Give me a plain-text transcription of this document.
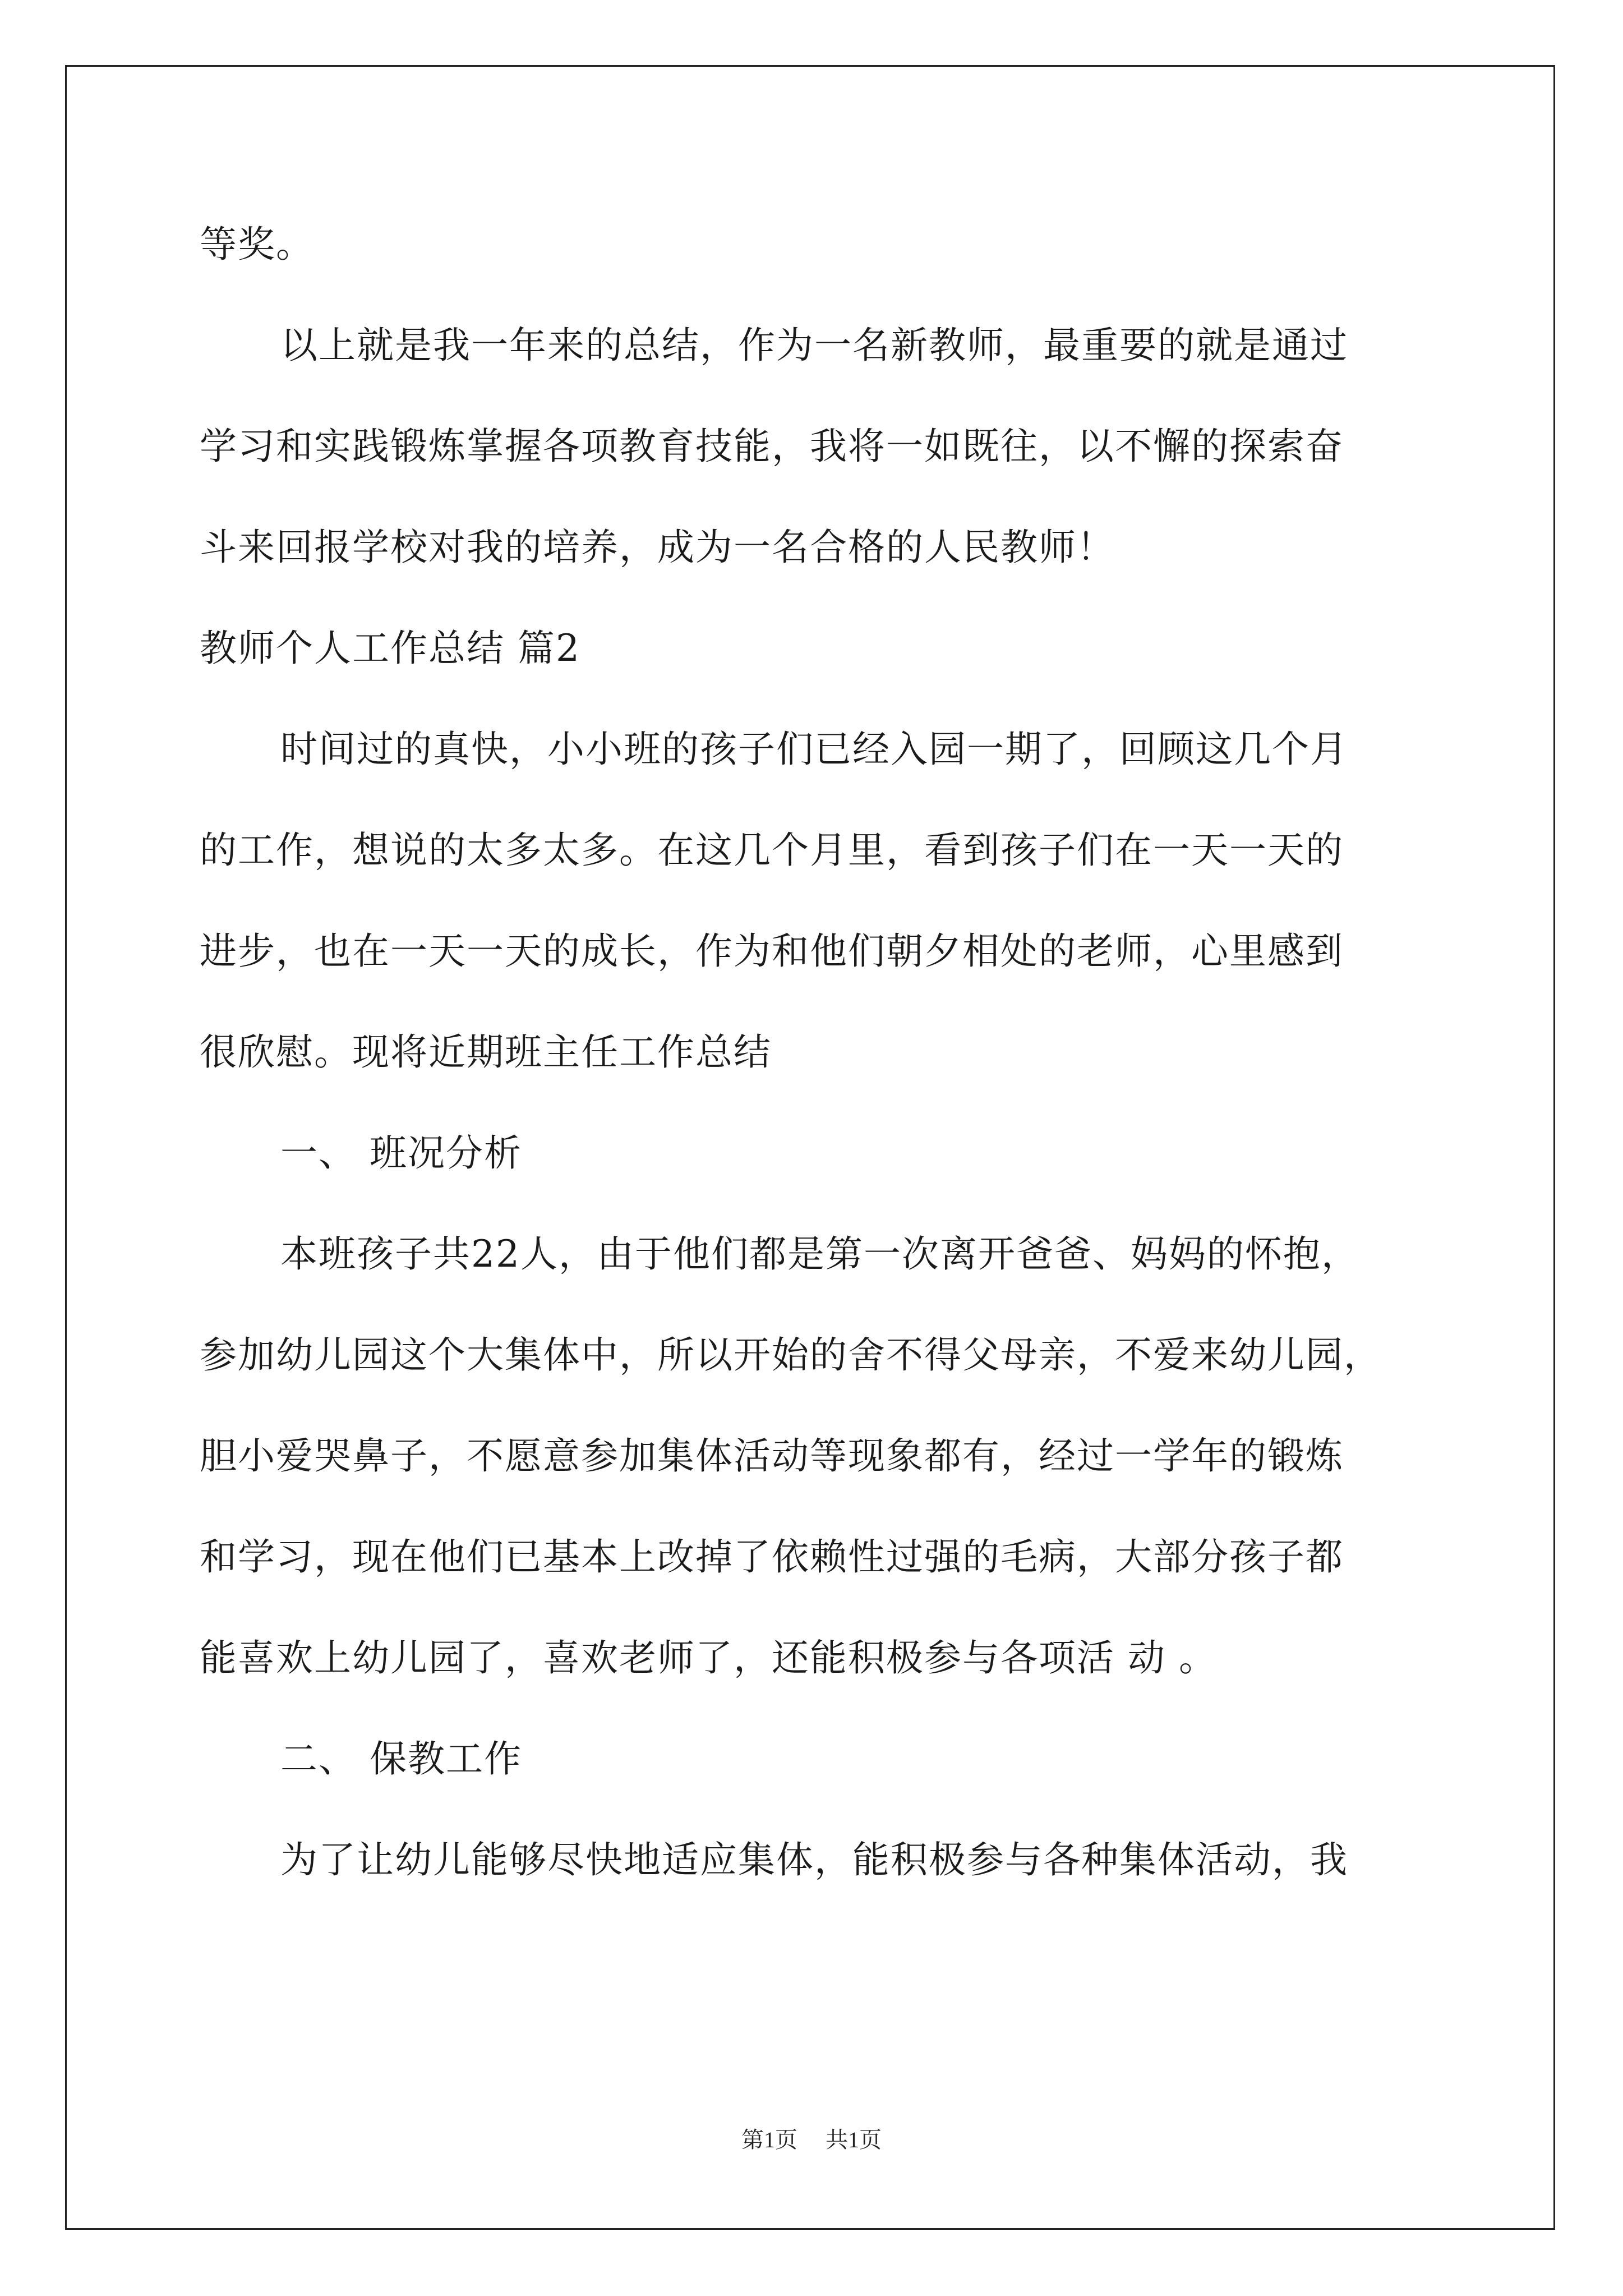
等奖。
以上就是我一年来的总结，作为一名新教师，最重要的就是通过
学习和实践锻炼掌握各项教育技能，我将一如既往，以不懈的探索奋
斗来回报学校对我的培养，成为一名合格的人民教师！
教师个人工作总结 篇2
时间过的真快，小小班的孩子们已经入园一期了，回顾这几个月
的工作，想说的太多太多。在这几个月里，看到孩子们在一天一天的
进步，也在一天一天的成长，作为和他们朝夕相处的老师，心里感到
很欣慰。现将近期班主任工作总结
一、 班况分析
本班孩子共22人，由于他们都是第一次离开爸爸、妈妈的怀抱，
参加幼儿园这个大集体中，所以开始的舍不得父母亲，不爱来幼儿园，
胆小爱哭鼻子，不愿意参加集体活动等现象都有，经过一学年的锻炼
和学习，现在他们已基本上改掉了依赖性过强的毛病，大部分孩子都
能喜欢上幼儿园了，喜欢老师了，还能积极参与各项活 动 。
二、 保教工作
为了让幼儿能够尽快地适应集体，能积极参与各种集体活动，我
第1页 共1页
